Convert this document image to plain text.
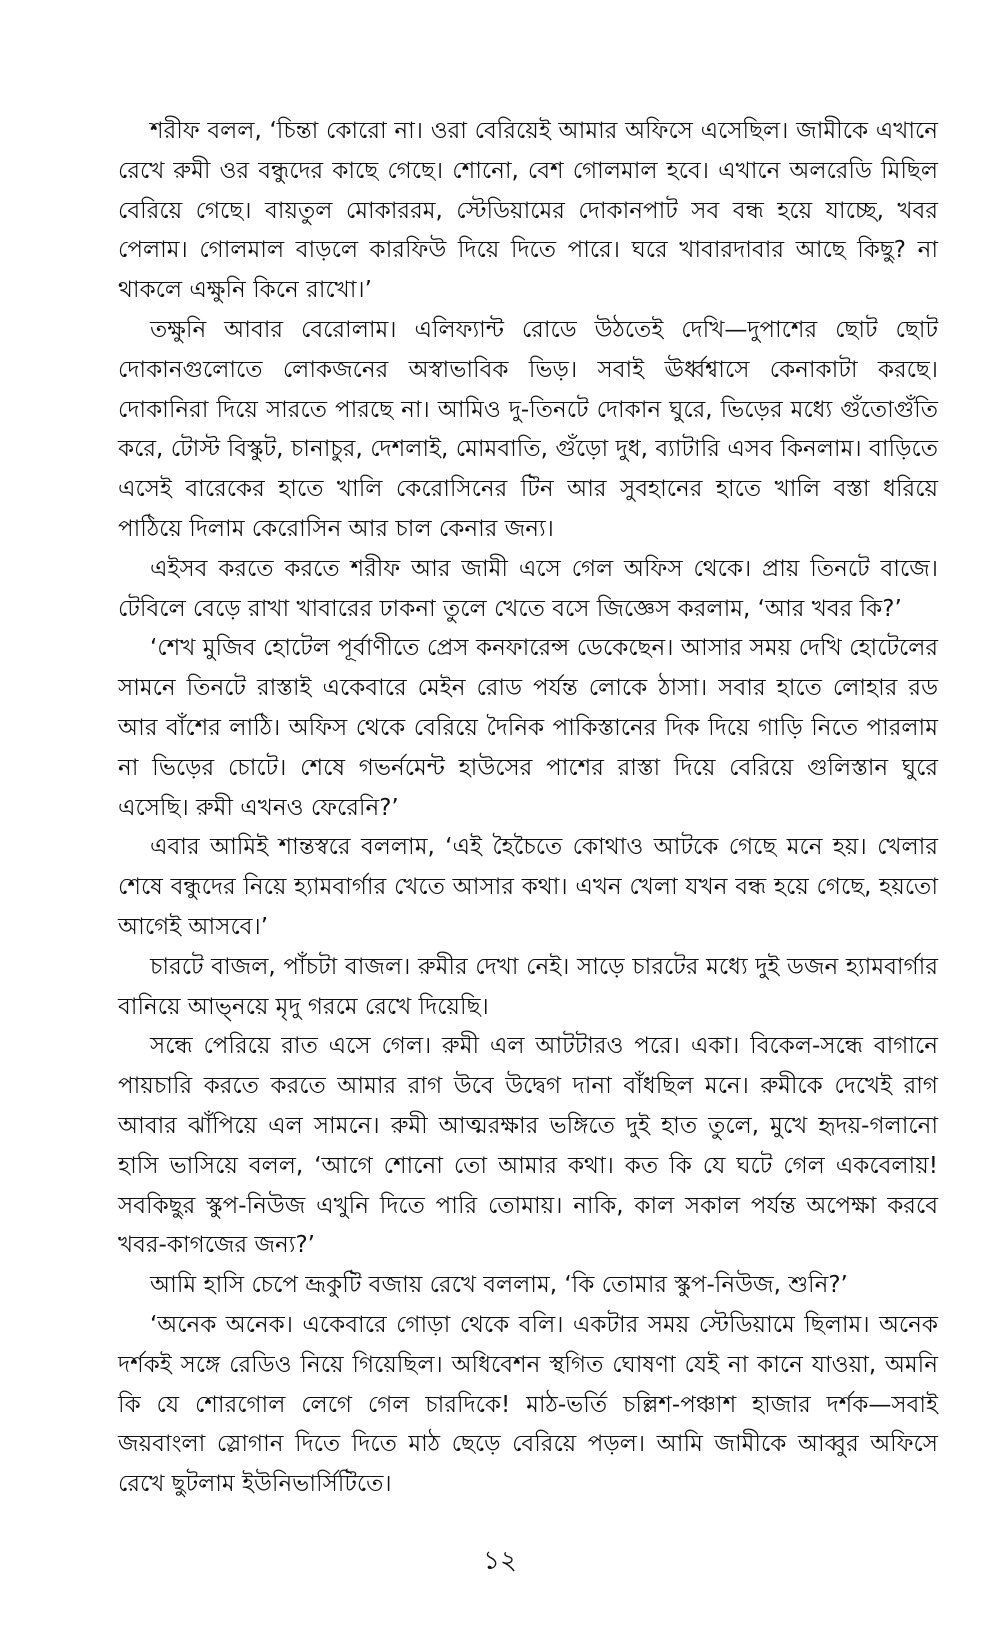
শরীফ বলল, ‘চিন্তা কোরো না। ওরা বেরিয়েই আমার অফিসে এসেছিল। জামীকে এখানে রেখে রুমী ওর বন্ধুদের কাছে গেছে। শোনো, বেশ গোলমাল হবে। এখানে অলরেডি মিছিল বেরিয়ে গেছে। বায়তুল মোকাররম, স্টেডিয়ামের দোকানপাট সব বন্ধ হয়ে যাচ্ছে, খবর পেলাম। গোলমাল বাড়লে কারফিউ দিয়ে দিতে পারে। ঘরে খাবারদাবার আছে কিছু? না থাকলে এক্ষুনি কিনে রাখো।’

তক্ষুনি আবার বেরোলাম। এলিফ্যান্ট রোডে উঠতেই দেখি—দুপাশের ছোট ছোট দোকানগুলোতে লোকজনের অস্বাভাবিক ভিড়। সবাই ঊর্ধ্বশ্বাসে কেনাকাটা করছে। দোকানিরা দিয়ে সারতে পারছে না। আমিও দু-তিনটে দোকান ঘুরে, ভিড়ের মধ্যে গুঁতোগুঁতি করে, টোস্ট বিস্কুট, চানাচুর, দেশলাই, মোমবাতি, গুঁড়ো দুধ, ব্যাটারি এসব কিনলাম। বাড়িতে এসেই বারেকের হাতে খালি কেরোসিনের টিন আর সুবহানের হাতে খালি বস্তা ধরিয়ে পাঠিয়ে দিলাম কেরোসিন আর চাল কেনার জন্য।

এইসব করতে করতে শরীফ আর জামী এসে গেল অফিস থেকে। প্রায় তিনটে বাজে। টেবিলে বেড়ে রাখা খাবারের ঢাকনা তুলে খেতে বসে জিজ্ঞেস করলাম, ‘আর খবর কি?’

‘শেখ মুজিব হোটেল পূর্বাণীতে প্রেস কনফারেন্স ডেকেছেন। আসার সময় দেখি হোটেলের সামনে তিনটে রাস্তাই একেবারে মেইন রোড পর্যন্ত লোকে ঠাসা। সবার হাতে লোহার রড আর বাঁশের লাঠি। অফিস থেকে বেরিয়ে দৈনিক পাকিস্তানের দিক দিয়ে গাড়ি নিতে পারলাম না ভিড়ের চোটে। শেষে গভর্নমেন্ট হাউসের পাশের রাস্তা দিয়ে বেরিয়ে গুলিস্তান ঘুরে এসেছি। রুমী এখনও ফেরেনি?’

এবার আমিই শান্তস্বরে বললাম, ‘এই হৈচৈতে কোথাও আটকে গেছে মনে হয়। খেলার শেষে বন্ধুদের নিয়ে হ্যামবার্গার খেতে আসার কথা। এখন খেলা যখন বন্ধ হয়ে গেছে, হয়তো আগেই আসবে।’

চারটে বাজল, পাঁচটা বাজল। রুমীর দেখা নেই। সাড়ে চারটের মধ্যে দুই ডজন হ্যামবার্গার বানিয়ে আভ্নয়ে মৃদু গরমে রেখে দিয়েছি।

সন্ধে পেরিয়ে রাত এসে গেল। রুমী এল আটটারও পরে। একা। বিকেল-সন্ধে বাগানে পায়চারি করতে করতে আমার রাগ উবে উদ্বেগ দানা বাঁধছিল মনে। রুমীকে দেখেই রাগ আবার ঝাঁপিয়ে এল সামনে। রুমী আত্মরক্ষার ভঙ্গিতে দুই হাত তুলে, মুখে হৃদয়-গলানো হাসি ভাসিয়ে বলল, ‘আগে শোনো তো আমার কথা। কত কি যে ঘটে গেল একবেলায়! সবকিছুর স্কুপ-নিউজ এখুনি দিতে পারি তোমায়। নাকি, কাল সকাল পর্যন্ত অপেক্ষা করবে খবর-কাগজের জন্য?’

আমি হাসি চেপে ভ্রূকুটি বজায় রেখে বললাম, ‘কি তোমার স্কুপ-নিউজ, শুনি?’

‘অনেক অনেক। একেবারে গোড়া থেকে বলি। একটার সময় স্টেডিয়ামে ছিলাম। অনেক দর্শকই সঙ্গে রেডিও নিয়ে গিয়েছিল। অধিবেশন স্থগিত ঘোষণা যেই না কানে যাওয়া, অমনি কি যে শোরগোল লেগে গেল চারদিকে! মাঠ-ভর্তি চল্লিশ-পঞ্চাশ হাজার দর্শক—সবাই জয়বাংলা স্লোগান দিতে দিতে মাঠ ছেড়ে বেরিয়ে পড়ল। আমি জামীকে আব্বুর অফিসে রেখে ছুটলাম ইউনিভার্সিটিতে।

১২
